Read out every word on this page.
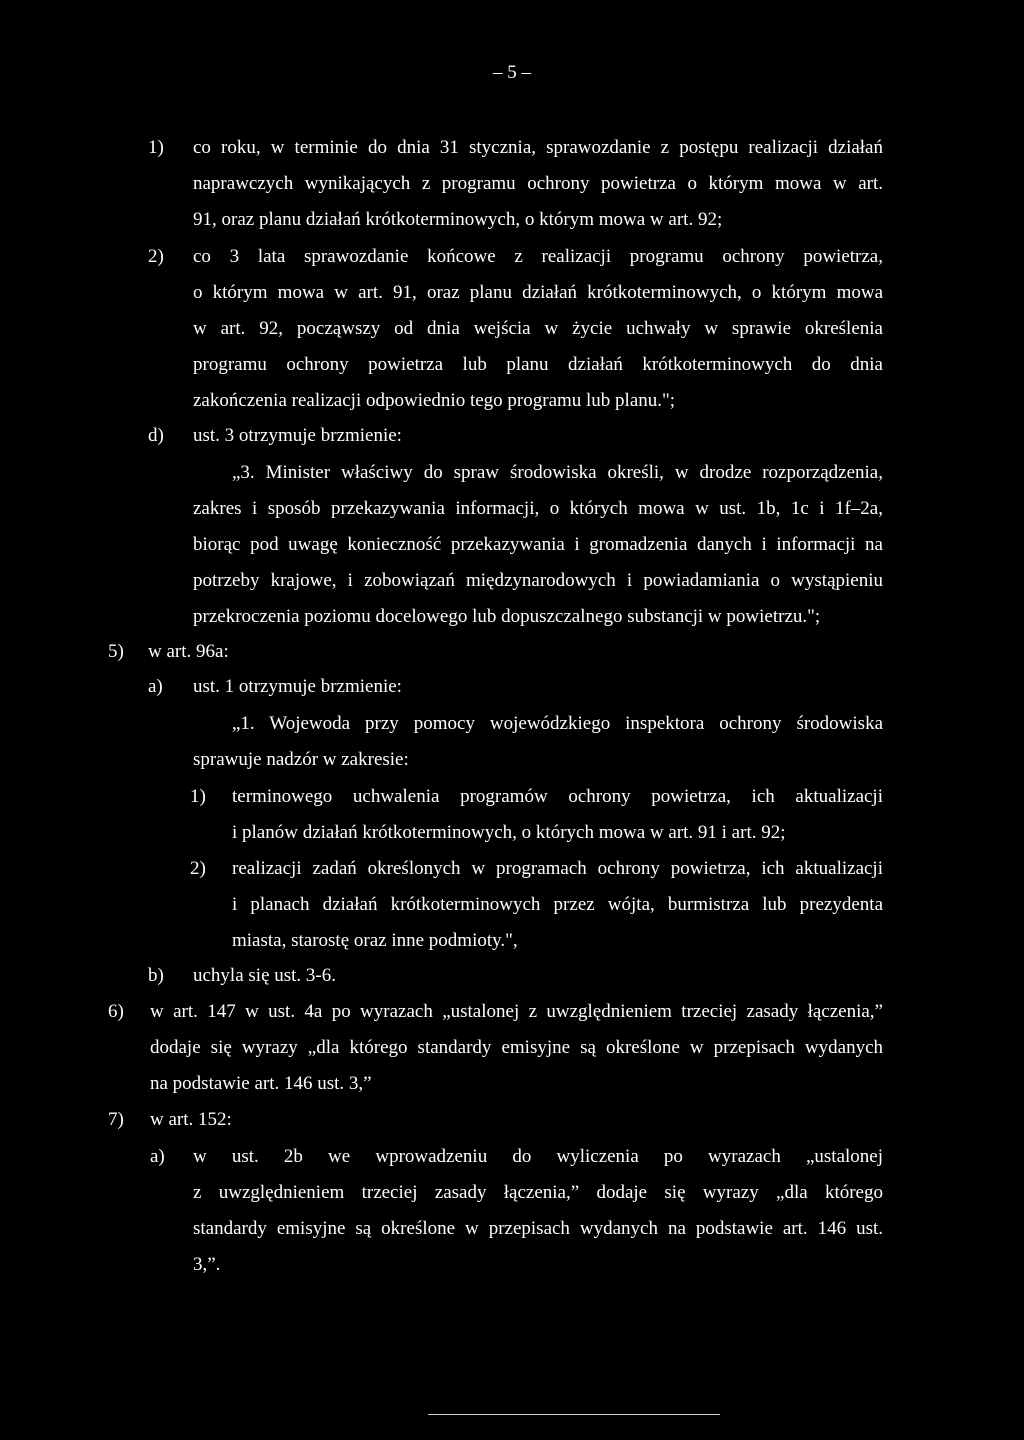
– 5 –
1) co roku, w terminie do dnia 31 stycznia, sprawozdanie z postępu realizacji działań
naprawczych wynikających z programu ochrony powietrza o którym mowa w art.
91, oraz planu działań krótkoterminowych, o którym mowa w art. 92;
2) co 3 lata sprawozdanie końcowe z realizacji programu ochrony powietrza,
o którym mowa w art. 91, oraz planu działań krótkoterminowych, o którym mowa
w art. 92, począwszy od dnia wejścia w życie uchwały w sprawie określenia
programu ochrony powietrza lub planu działań krótkoterminowych do dnia
zakończenia realizacji odpowiednio tego programu lub planu.";
d) ust. 3 otrzymuje brzmienie:
„3. Minister właściwy do spraw środowiska określi, w drodze rozporządzenia,
zakres i sposób przekazywania informacji, o których mowa w ust. 1b, 1c i 1f–2a,
biorąc pod uwagę konieczność przekazywania i gromadzenia danych i informacji na
potrzeby krajowe, i zobowiązań międzynarodowych i powiadamiania o wystąpieniu
przekroczenia poziomu docelowego lub dopuszczalnego substancji w powietrzu.";
5) w art. 96a:
a) ust. 1 otrzymuje brzmienie:
„1. Wojewoda przy pomocy wojewódzkiego inspektora ochrony środowiska
sprawuje nadzór w zakresie:
1) terminowego uchwalenia programów ochrony powietrza, ich aktualizacji
i planów działań krótkoterminowych, o których mowa w art. 91 i art. 92;
2) realizacji zadań określonych w programach ochrony powietrza, ich aktualizacji
i planach działań krótkoterminowych przez wójta, burmistrza lub prezydenta
miasta, starostę oraz inne podmioty.",
b) uchyla się ust. 3-6.
6) w art. 147 w ust. 4a po wyrazach „ustalonej z uwzględnieniem trzeciej zasady łączenia,”
dodaje się wyrazy „dla którego standardy emisyjne są określone w przepisach wydanych
na podstawie art. 146 ust. 3,”
7) w art. 152:
a) w ust. 2b we wprowadzeniu do wyliczenia po wyrazach „ustalonej
z uwzględnieniem trzeciej zasady łączenia,” dodaje się wyrazy „dla którego
standardy emisyjne są określone w przepisach wydanych na podstawie art. 146 ust.
3,”.
